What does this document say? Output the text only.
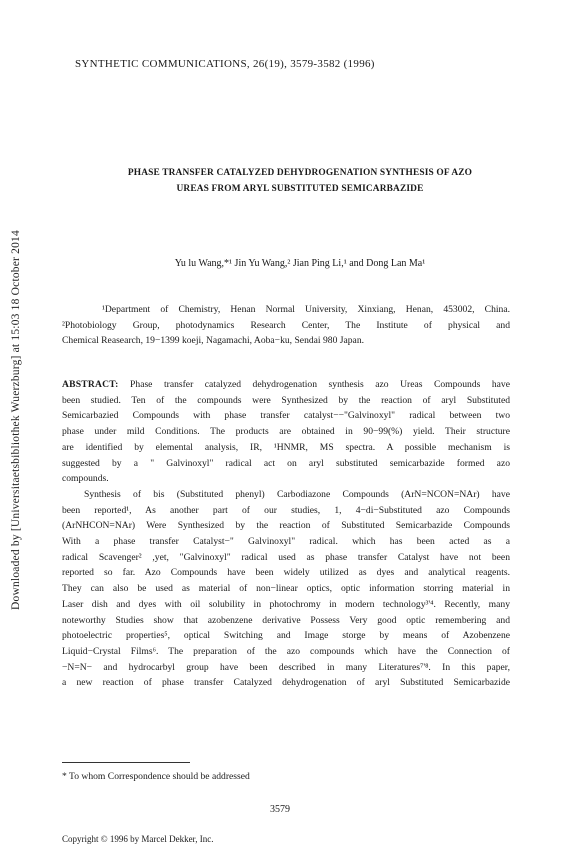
Downloaded by [Universitaetsbibliothek Wuerzburg] at 15:03 18 October 2014
SYNTHETIC COMMUNICATIONS, 26(19), 3579-3582 (1996)
PHASE TRANSFER CATALYZED DEHYDROGENATION SYNTHESIS OF AZO
UREAS FROM ARYL SUBSTITUTED SEMICARBAZIDE
Yu lu Wang,*¹ Jin Yu Wang,² Jian Ping Li,¹ and Dong Lan Ma¹
¹Department of Chemistry, Henan Normal University, Xinxiang, Henan, 453002, China.
²Photobiology Group, photodynamics Research Center, The Institute of physical and
Chemical Reasearch, 19−1399 koeji, Nagamachi, Aoba−ku, Sendai 980 Japan.
ABSTRACT: Phase transfer catalyzed dehydrogenation synthesis azo Ureas Compounds have
been studied. Ten of the compounds were Synthesized by the reaction of aryl Substituted
Semicarbazied Compounds with phase transfer catalyst−−"Galvinoxyl" radical between two
phase under mild Conditions. The products are obtained in 90−99(%) yield. Their structure
are identified by elemental analysis, IR, ¹HNMR, MS spectra. A possible mechanism is
suggested by a " Galvinoxyl" radical act on aryl substituted semicarbazide formed azo
compounds.
Synthesis of bis (Substituted phenyl) Carbodiazone Compounds (ArN=NCON=NAr) have
been reported¹, As another part of our studies, 1, 4−di−Substituted azo Compounds
(ArNHCON=NAr) Were Synthesized by the reaction of Substituted Semicarbazide Compounds
With a phase transfer Catalyst−" Galvinoxyl" radical. which has been acted as a
radical Scavenger² ,yet, "Galvinoxyl" radical used as phase transfer Catalyst have not been
reported so far. Azo Compounds have been widely utilized as dyes and analytical reagents.
They can also be used as material of non−linear optics, optic information storring material in
Laser dish and dyes with oil solubility in photochromy in modern technology³'⁴. Recently, many
noteworthy Studies show that azobenzene derivative Possess Very good optic remembering and
photoelectric properties⁵, optical Switching and Image storge by means of Azobenzene
Liquid−Crystal Films⁶. The preparation of the azo compounds which have the Connection of
−N=N− and hydrocarbyl group have been described in many Literatures⁷'⁸. In this paper,
a new reaction of phase transfer Catalyzed dehydrogenation of aryl Substituted Semicarbazide
* To whom Correspondence should be addressed
3579
Copyright © 1996 by Marcel Dekker, Inc.
